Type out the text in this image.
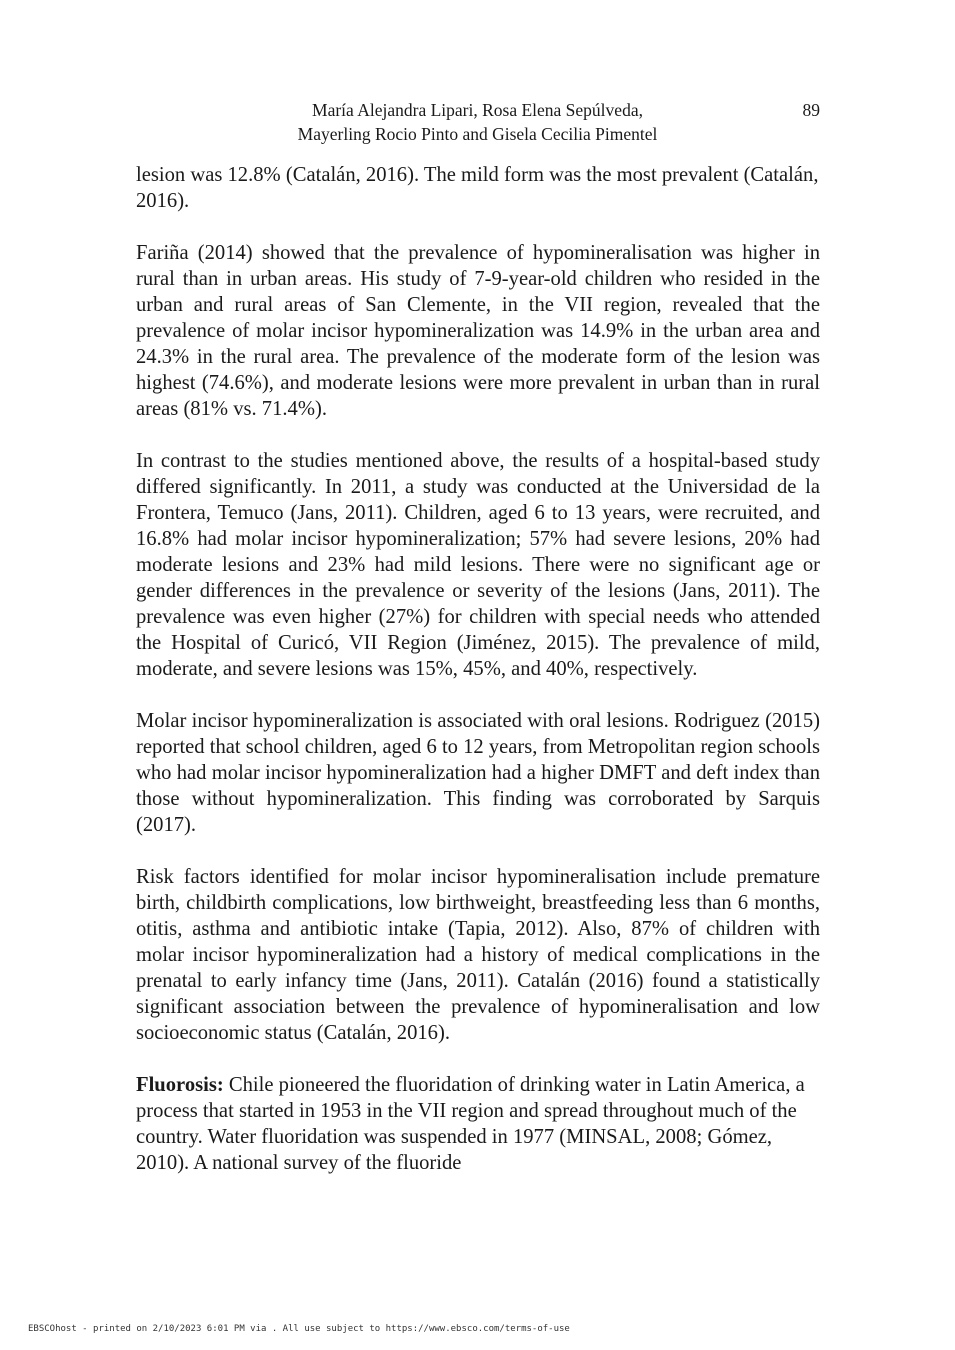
María Alejandra Lipari, Rosa Elena Sepúlveda,
Mayerling Rocio Pinto and Gisela Cecilia Pimentel
89

lesion was 12.8% (Catalán, 2016). The mild form was the most prevalent (Catalán, 2016).

Fariña (2014) showed that the prevalence of hypomineralisation was higher in rural than in urban areas. His study of 7-9-year-old children who resided in the urban and rural areas of San Clemente, in the VII region, revealed that the prevalence of molar incisor hypomineralization was 14.9% in the urban area and 24.3% in the rural area. The prevalence of the moderate form of the lesion was highest (74.6%), and moderate lesions were more prevalent in urban than in rural areas (81% vs. 71.4%).

In contrast to the studies mentioned above, the results of a hospital-based study differed significantly. In 2011, a study was conducted at the Universidad de la Frontera, Temuco (Jans, 2011). Children, aged 6 to 13 years, were recruited, and 16.8% had molar incisor hypomineralization; 57% had severe lesions, 20% had moderate lesions and 23% had mild lesions. There were no significant age or gender differences in the prevalence or severity of the lesions (Jans, 2011). The prevalence was even higher (27%) for children with special needs who attended the Hospital of Curicó, VII Region (Jiménez, 2015). The prevalence of mild, moderate, and severe lesions was 15%, 45%, and 40%, respectively.

Molar incisor hypomineralization is associated with oral lesions. Rodriguez (2015) reported that school children, aged 6 to 12 years, from Metropolitan region schools who had molar incisor hypomineralization had a higher DMFT and deft index than those without hypomineralization. This finding was corroborated by Sarquis (2017).

Risk factors identified for molar incisor hypomineralisation include premature birth, childbirth complications, low birthweight, breastfeeding less than 6 months, otitis, asthma and antibiotic intake (Tapia, 2012). Also, 87% of children with molar incisor hypomineralization had a history of medical complications in the prenatal to early infancy time (Jans, 2011). Catalán (2016) found a statistically significant association between the prevalence of hypomineralisation and low socioeconomic status (Catalán, 2016).

Fluorosis: Chile pioneered the fluoridation of drinking water in Latin America, a process that started in 1953 in the VII region and spread throughout much of the country. Water fluoridation was suspended in 1977 (MINSAL, 2008; Gómez, 2010). A national survey of the fluoride

EBSCOhost - printed on 2/10/2023 6:01 PM via . All use subject to https://www.ebsco.com/terms-of-use
